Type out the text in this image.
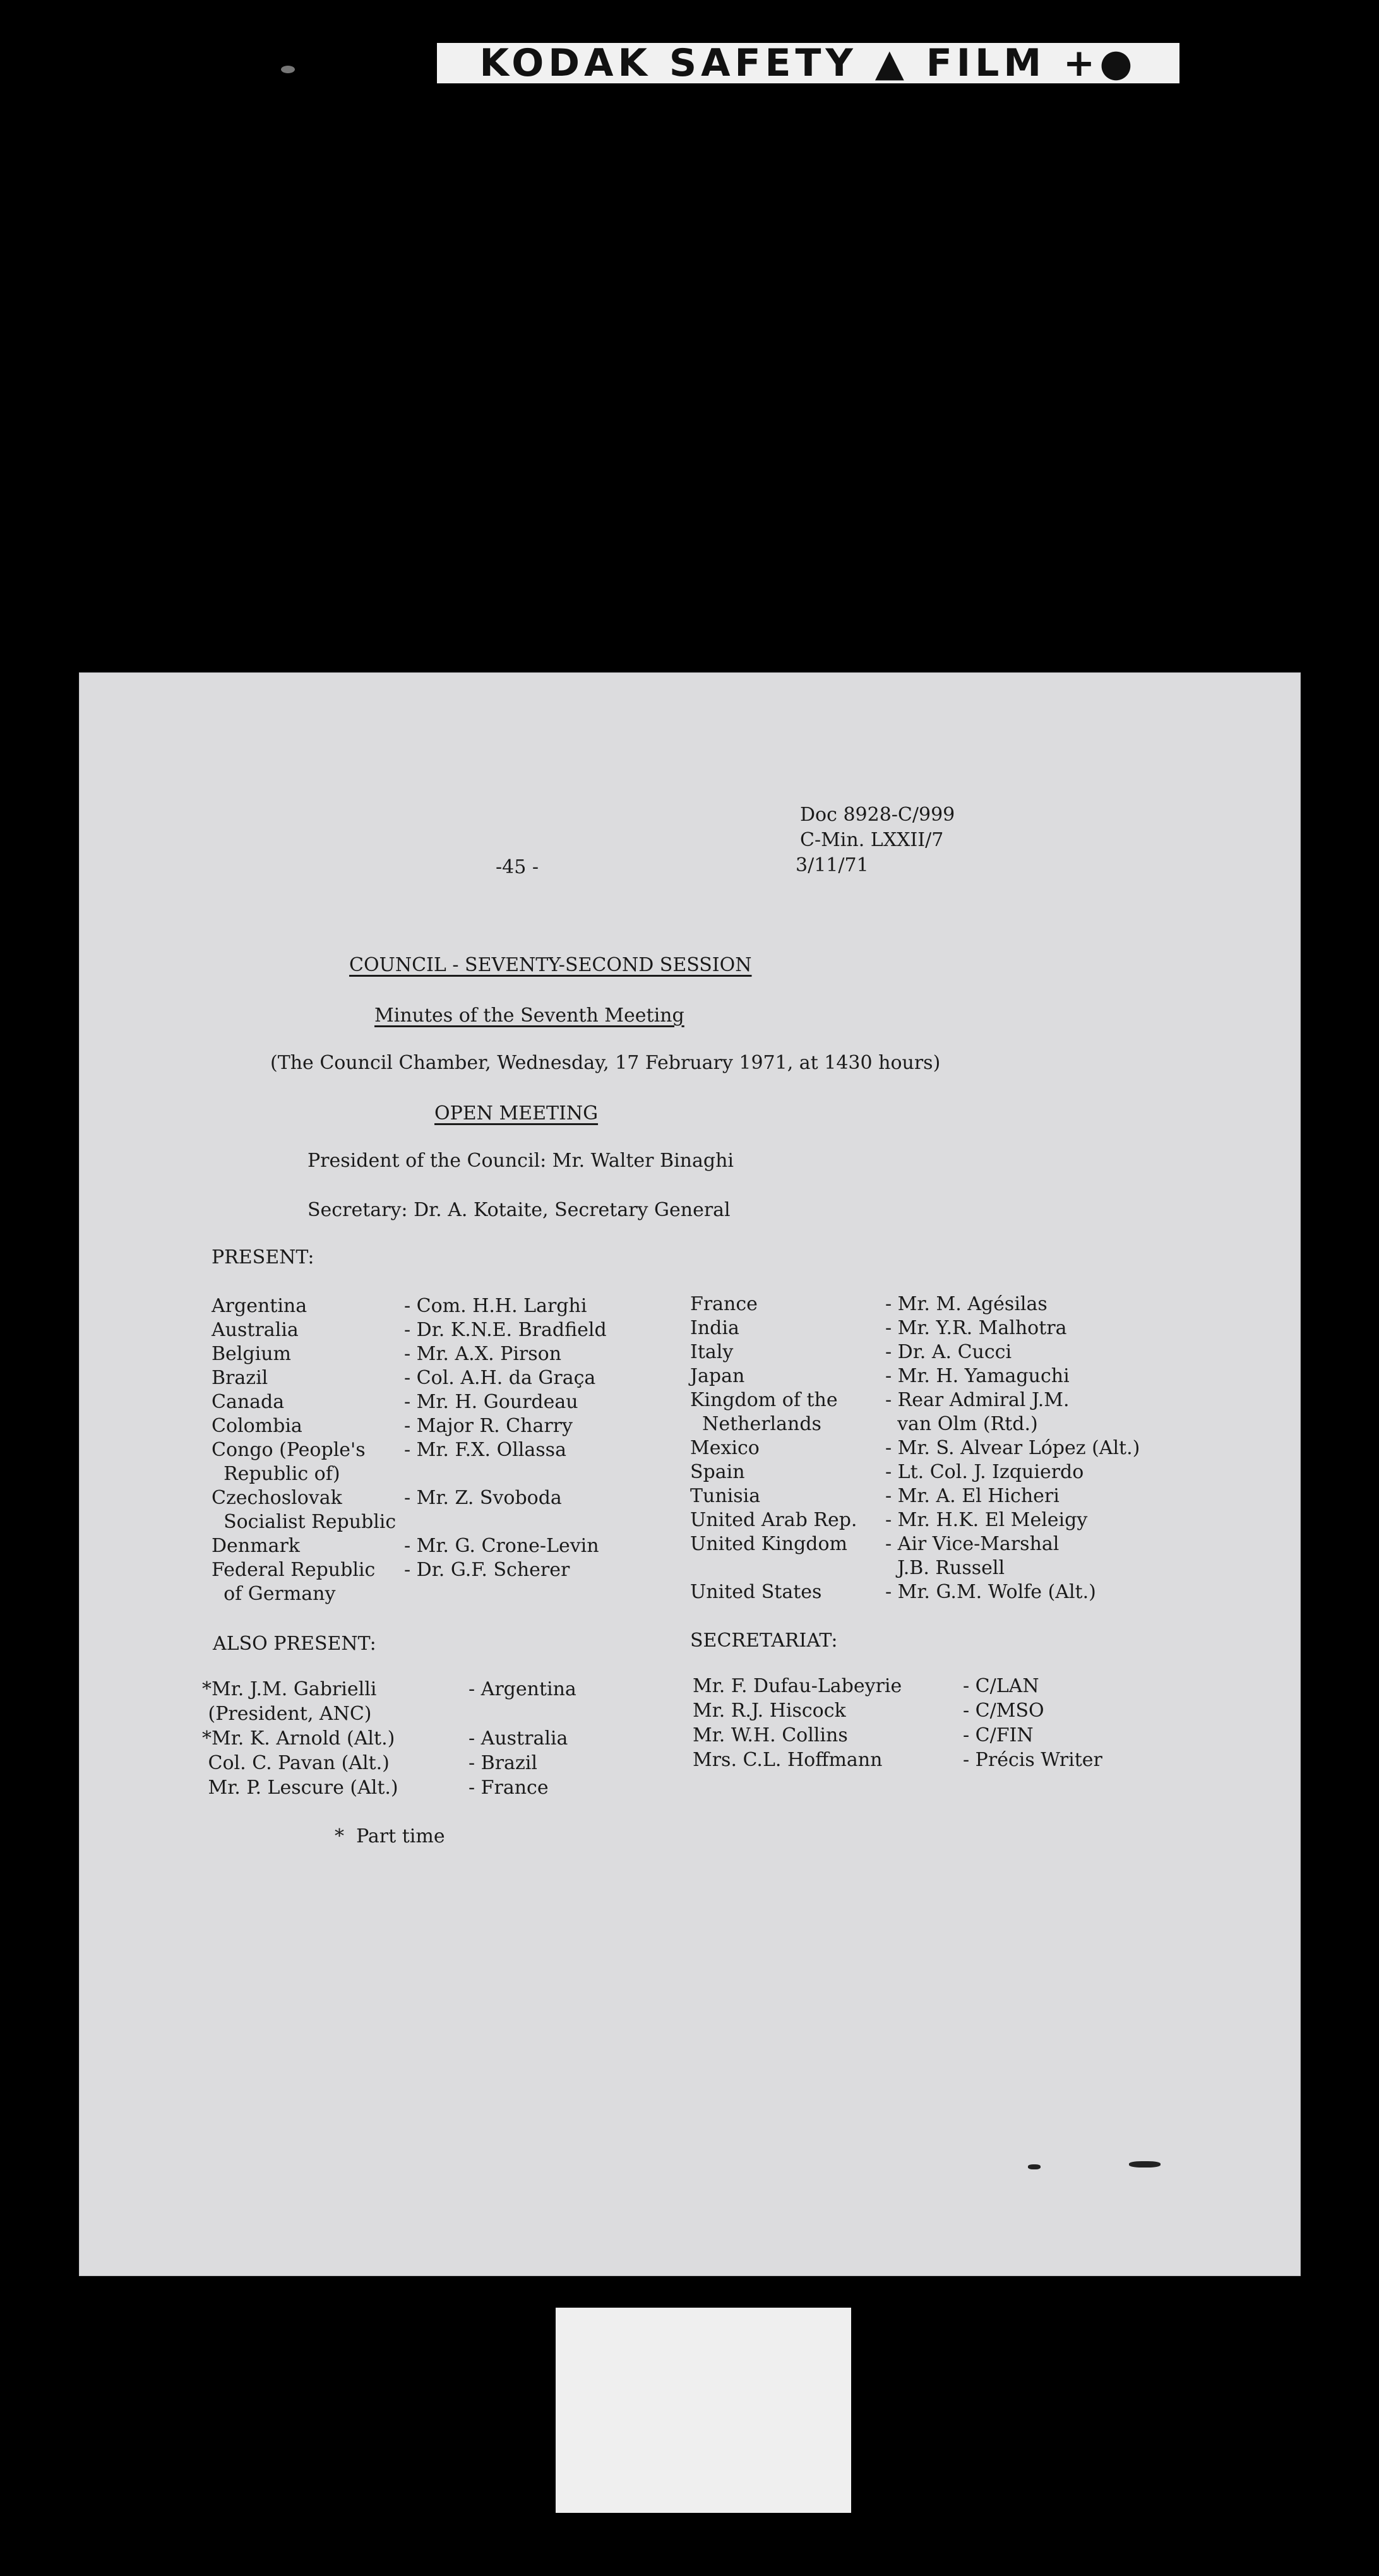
KODAK SAFETY ▲ FILM +●
Doc 8928-C/999
C-Min. LXXII/7
3/11/71
-45 -
COUNCIL - SEVENTY-SECOND SESSION
Minutes of the Seventh Meeting
(The Council Chamber, Wednesday, 17 February 1971, at 1430 hours)
OPEN MEETING
President of the Council: Mr. Walter Binaghi
Secretary: Dr. A. Kotaite, Secretary General
PRESENT:
Argentina	- Com. H.H. Larghi
Australia	- Dr. K.N.E. Bradfield
Belgium	- Mr. A.X. Pirson
Brazil	- Col. A.H. da Graça
Canada	- Mr. H. Gourdeau
Colombia	- Major R. Charry
Congo (People's - Mr. F.X. Ollassa
Republic of)
Czechoslovak	- Mr. Z. Svoboda
Socialist Republic
Denmark	- Mr. G. Crone-Levin
Federal Republic - Dr. G.F. Scherer
of Germany
France	- Mr. M. Agésilas
India	- Mr. Y.R. Malhotra
Italy	- Dr. A. Cucci
Japan	- Mr. H. Yamaguchi
Kingdom of the	- Rear Admiral J.M.
Netherlands	van Olm (Rtd.)
Mexico	- Mr. S. Alvear López (Alt.)
Spain	- Lt. Col. J. Izquierdo
Tunisia	- Mr. A. El Hicheri
United Arab Rep. - Mr. H.K. El Meleigy
United Kingdom - Air Vice-Marshal
J.B. Russell
United States	- Mr. G.M. Wolfe (Alt.)
ALSO PRESENT:
*Mr. J.M. Gabrielli	- Argentina
(President, ANC)
*Mr. K. Arnold (Alt.)	- Australia
Col. C. Pavan (Alt.)	- Brazil
Mr. P. Lescure (Alt.)	- France
SECRETARIAT:
Mr. F. Dufau-Labeyrie	- C/LAN
Mr. R.J. Hiscock	- C/MSO
Mr. W.H. Collins	- C/FIN
Mrs. C.L. Hoffmann	- Précis Writer
*  Part time
